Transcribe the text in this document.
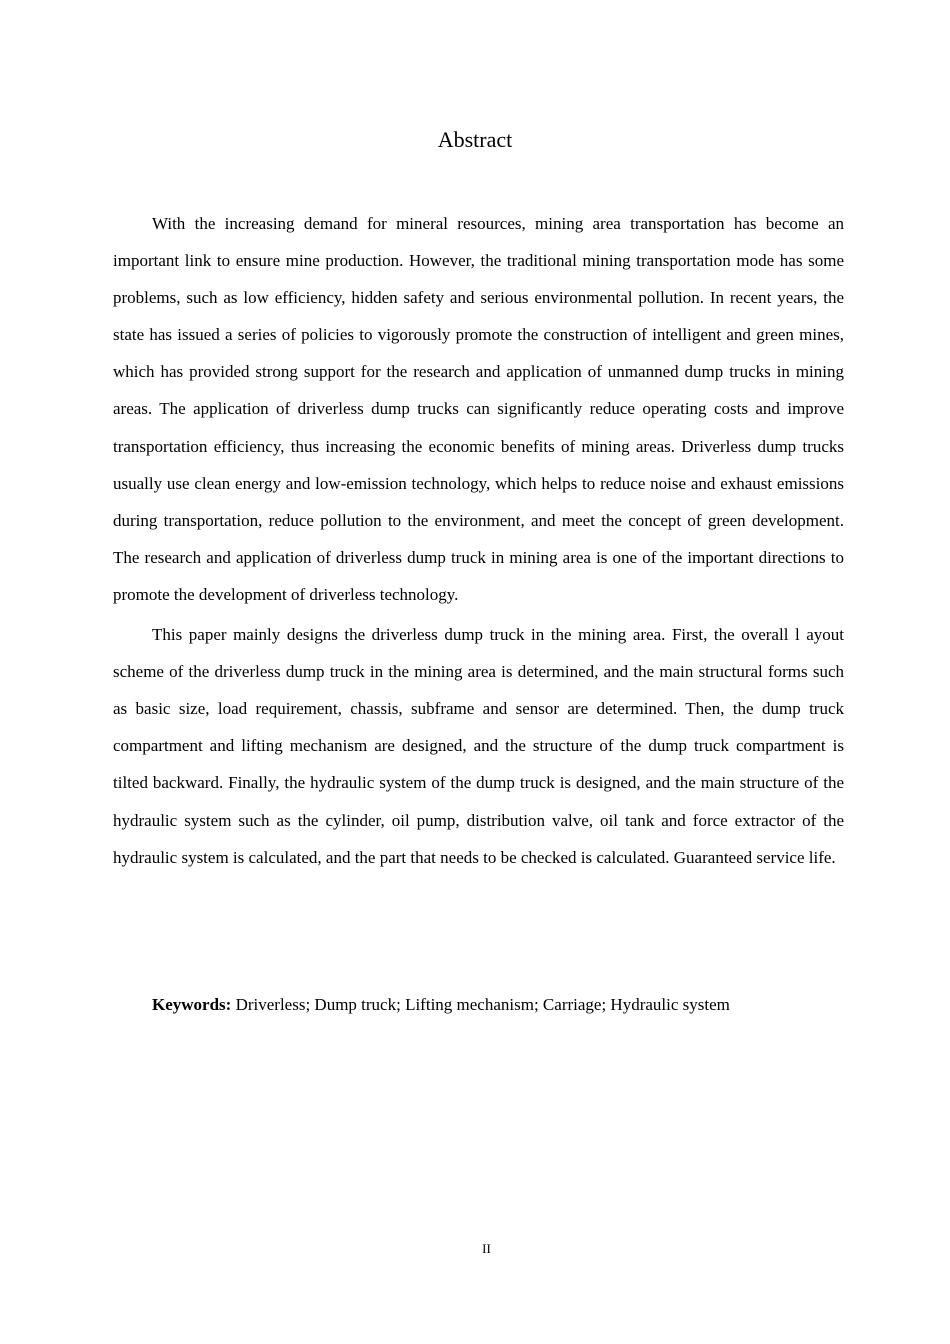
Abstract

With the increasing demand for mineral resources, mining area transportation has become an important link to ensure mine production. However, the traditional mining transportation mode has some problems, such as low efficiency, hidden safety and serious environmental pollution. In recent years, the state has issued a series of policies to vigorously promote the construction of intelligent and green mines, which has provided strong support for the research and application of unmanned dump trucks in mining areas. The application of driverless dump trucks can significantly reduce operating costs and improve transportation efficiency, thus increasing the economic benefits of mining areas. Driverless dump trucks usually use clean energy and low-emission technology, which helps to reduce noise and exhaust emissions during transportation, reduce pollution to the environment, and meet the concept of green development. The research and application of driverless dump truck in mining area is one of the important directions to promote the development of driverless technology.

This paper mainly designs the driverless dump truck in the mining area. First, the overall l ayout scheme of the driverless dump truck in the mining area is determined, and the main structural forms such as basic size, load requirement, chassis, subframe and sensor are determined. Then, the dump truck compartment and lifting mechanism are designed, and the structure of the dump truck compartment is tilted backward. Finally, the hydraulic system of the dump truck is designed, and the main structure of the hydraulic system such as the cylinder, oil pump, distribution valve, oil tank and force extractor of the hydraulic system is calculated, and the part that needs to be checked is calculated. Guaranteed service life.

Keywords: Driverless; Dump truck; Lifting mechanism; Carriage; Hydraulic system
II
